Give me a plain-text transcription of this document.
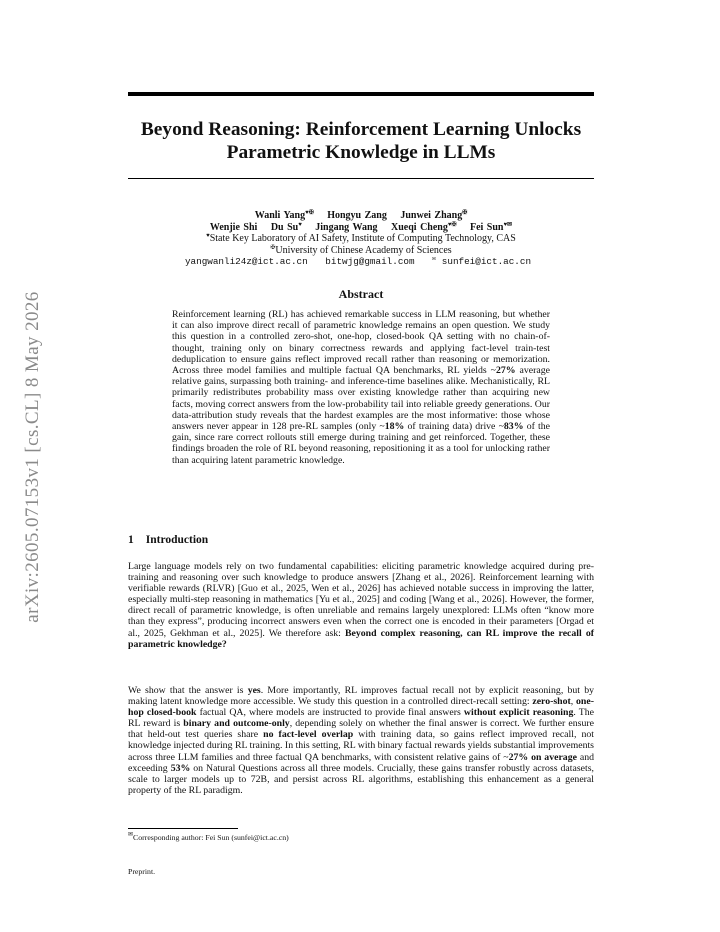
arXiv:2605.07153v1 [cs.CL] 8 May 2026
Beyond Reasoning: Reinforcement Learning Unlocks
Parametric Knowledge in LLMs
Wanli Yang♥✠ Hongyu Zang Junwei Zhang✠
Wenjie Shi Du Su♥ Jingang Wang Xueqi Cheng♥✠ Fei Sun♥✉
♥State Key Laboratory of AI Safety, Institute of Computing Technology, CAS
✠University of Chinese Academy of Sciences
yangwanli24z@ict.ac.cn bitwjg@gmail.com	✉ sunfei@ict.ac.cn
Abstract

Reinforcement learning (RL) has achieved remarkable success in LLM reasoning, but whether it can also improve direct recall of parametric knowledge remains an open question. We study this question in a controlled zero-shot, one-hop, closed-book QA setting with no chain-of-thought, training only on binary correctness rewards and applying fact-level train-test deduplication to ensure gains reflect improved recall rather than reasoning or memorization. Across three model families and multiple factual QA benchmarks, RL yields ~27% average relative gains, surpassing both training- and inference-time baselines alike. Mechanistically, RL primarily redistributes probability mass over existing knowledge rather than acquiring new facts, moving correct answers from the low-probability tail into reliable greedy generations. Our data-attribution study reveals that the hardest examples are the most informative: those whose answers never appear in 128 pre-RL samples (only ~18% of training data) drive ~83% of the gain, since rare correct rollouts still emerge during training and get reinforced. Together, these findings broaden the role of RL beyond reasoning, repositioning it as a tool for unlocking rather than acquiring latent parametric knowledge.

1 Introduction

Large language models rely on two fundamental capabilities: eliciting parametric knowledge acquired during pre-training and reasoning over such knowledge to produce answers [Zhang et al., 2026]. Reinforcement learning with verifiable rewards (RLVR) [Guo et al., 2025, Wen et al., 2026] has achieved notable success in improving the latter, especially multi-step reasoning in mathematics [Yu et al., 2025] and coding [Wang et al., 2026]. However, the former, direct recall of parametric knowledge, is often unreliable and remains largely unexplored: LLMs often “know more than they express”, producing incorrect answers even when the correct one is encoded in their parameters [Orgad et al., 2025, Gekhman et al., 2025]. We therefore ask: Beyond complex reasoning, can RL improve the recall of parametric knowledge?

We show that the answer is yes. More importantly, RL improves factual recall not by explicit reasoning, but by making latent knowledge more accessible. We study this question in a controlled direct-recall setting: zero-shot, one-hop closed-book factual QA, where models are instructed to provide final answers without explicit reasoning. The RL reward is binary and outcome-only, depending solely on whether the final answer is correct. We further ensure that held-out test queries share no fact-level overlap with training data, so gains reflect improved recall, not knowledge injected during RL training. In this setting, RL with binary factual rewards yields substantial improvements across three LLM families and three factual QA benchmarks, with consistent relative gains of ~27% on average and exceeding 53% on Natural Questions across all three models. Crucially, these gains transfer robustly across datasets, scale to larger models up to 72B, and persist across RL algorithms, establishing this enhancement as a general property of the RL paradigm.

✉Corresponding author: Fei Sun (sunfei@ict.ac.cn)

Preprint.
